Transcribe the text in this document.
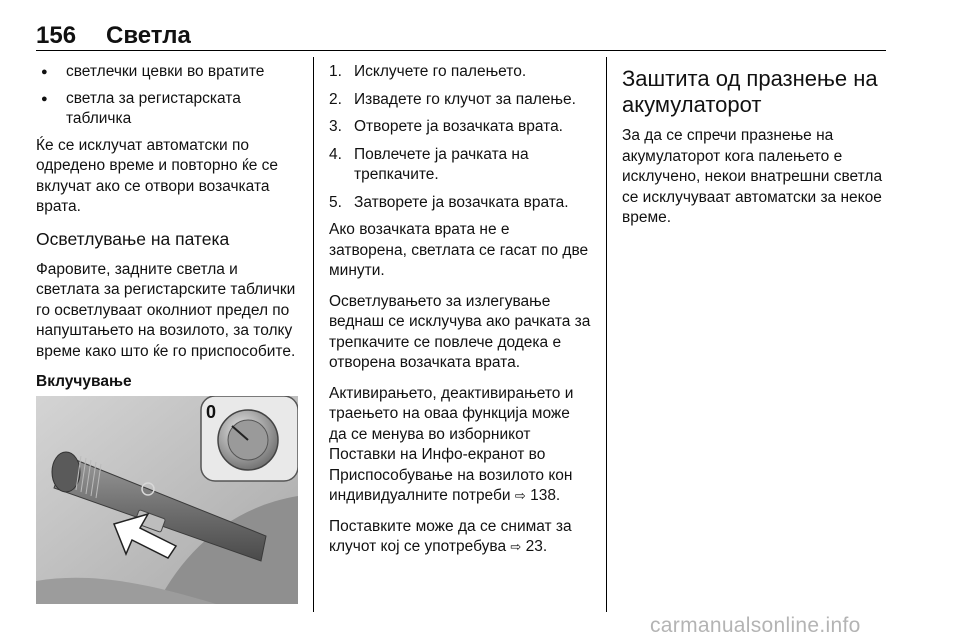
156 Светла
● светлечки цевки во вратите
● светла за регистарската табличка

Ќе се исклучат автоматски по одредено време и повторно ќе се вклучат ако се отвори возачката врата.

Осветлување на патека

Фаровите, задните светла и светлата за регистарските таблички го осветлуваат околниот предел по напуштањето на возилото, за толку време како што ќе го приспособите.

Вклучување
0
1. Исклучете го палењето.
2. Извадете го клучот за палење.
3. Отворете ја возачката врата.
4. Повлечете ја рачката на трепкачите.
5. Затворете ја возачката врата.

Ако возачката врата не е затворена, светлата се гасат по две минути.

Осветлувањето за излегување веднаш се исклучува ако рачката за трепкачите се повлече додека е отворена возачката врата.

Активирањето, деактивирањето и траењето на оваа функција може да се менува во изборникот Поставки на Инфо-екранот во Приспособување на возилото кон индивидуалните потреби ⇨ 138.

Поставките може да се снимат за клучот кој се употребува ⇨ 23.

Заштита од празнење на акумулаторот

За да се спречи празнење на акумулаторот кога палењето е исклучено, некои внатрешни светла се исклучуваат автоматски за некое време.

carmanualsonline.info
